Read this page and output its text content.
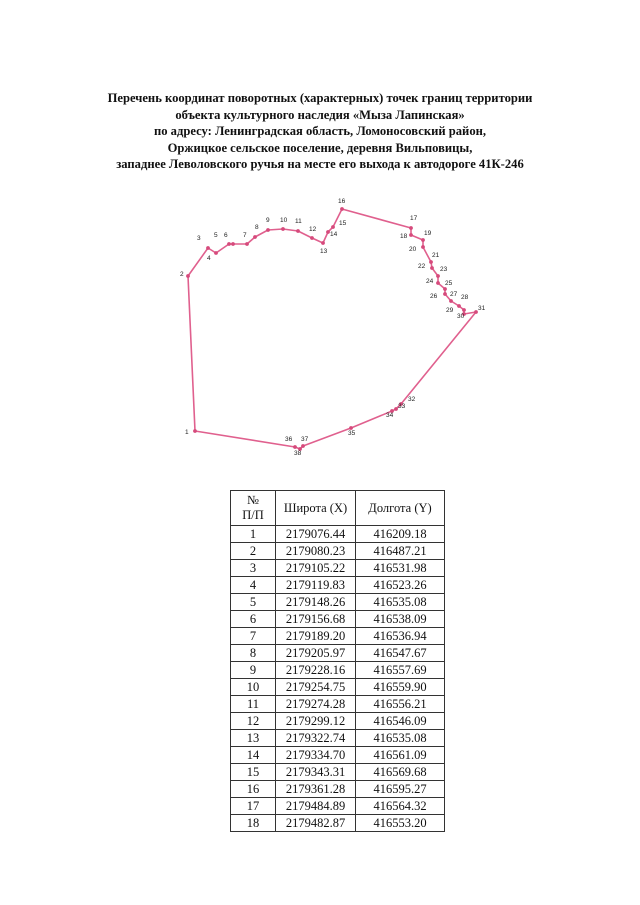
Перечень координат поворотных (характерных) точек границ территории
объекта культурного наследия «Мыза Лапинская»
по адресу: Ленинградская область, Ломоносовский район,
Оржицкое сельское поселение, деревня Вильповицы,
западнее Леволовского ручья на месте его выхода к автодороге 41К-246
1
2
3
4
5 6 7
8
9 10 11
12
13
14
15
16
17
18	19
20
21
22 23
24 25
26 27 28
29
30
31
32
33
34
35
36 37
38
№
П/П	Широта (X)	Долгота (Y)
1	2179076.44	416209.18
2	2179080.23	416487.21
3	2179105.22	416531.98
4	2179119.83	416523.26
5	2179148.26	416535.08
6	2179156.68	416538.09
7	2179189.20	416536.94
8	2179205.97	416547.67
9	2179228.16	416557.69
10	2179254.75	416559.90
11	2179274.28	416556.21
12	2179299.12	416546.09
13	2179322.74	416535.08
14	2179334.70	416561.09
15	2179343.31	416569.68
16	2179361.28	416595.27
17	2179484.89	416564.32
18	2179482.87	416553.20
